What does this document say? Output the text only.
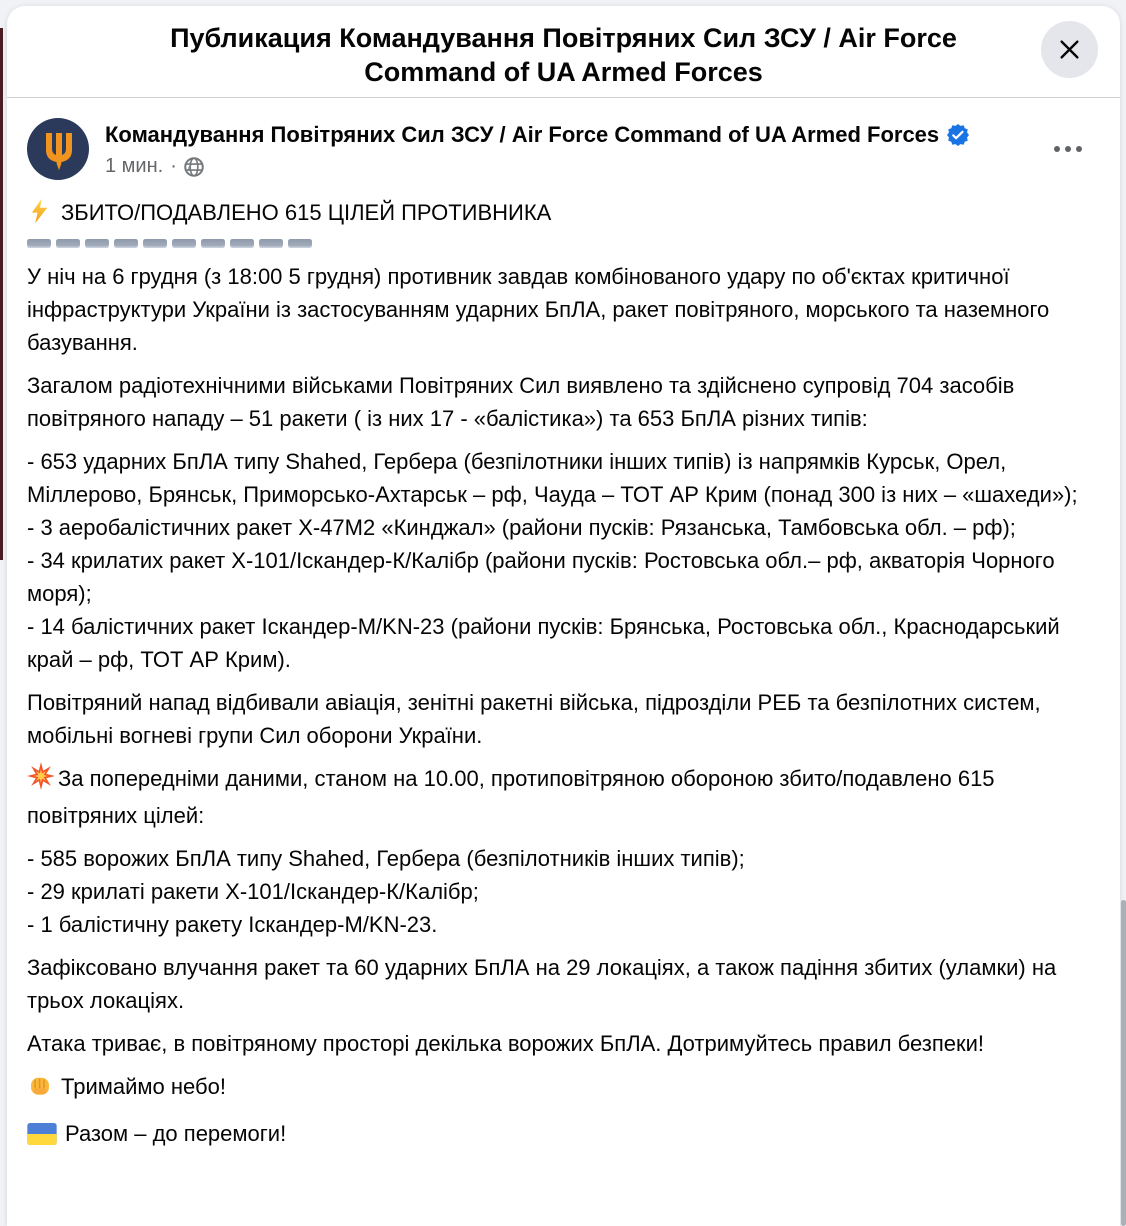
Публикация Командування Повітряних Сил ЗСУ / Air Force Command of UA Armed Forces
Командування Повітряних Сил ЗСУ / Air Force Command of UA Armed Forces
1 мин. ·

ЗБИТО/ПОДАВЛЕНО 615 ЦІЛЕЙ ПРОТИВНИКА

У ніч на 6 грудня (з 18:00 5 грудня) противник завдав комбінованого удару по об'єктах критичної інфраструктури України із застосуванням ударних БпЛА, ракет повітряного, морського та наземного базування.

Загалом радіотехнічними військами Повітряних Сил виявлено та здійснено супровід 704 засобів повітряного нападу – 51 ракети ( із них 17 - «балістика») та 653 БпЛА різних типів:

- 653 ударних БпЛА типу Shahed, Гербера (безпілотники інших типів) із напрямків Курськ, Орел, Міллерово, Брянськ, Приморсько-Ахтарськ – рф, Чауда – ТОТ АР Крим (понад 300 із них – «шахеди»);
- 3 аеробалістичних ракет Х-47М2 «Кинджал» (райони пусків: Рязанська, Тамбовська обл. – рф);
- 34 крилатих ракет Х-101/Іскандер-К/Калібр (райони пусків: Ростовська обл.– рф, акваторія Чорного моря);
- 14 балістичних ракет Іскандер-M/KN-23 (райони пусків: Брянська, Ростовська обл., Краснодарський край – рф, ТОТ АР Крим).

Повітряний напад відбивали авіація, зенітні ракетні війська, підрозділи РЕБ та безпілотних систем, мобільні вогневі групи Сил оборони України.

За попередніми даними, станом на 10.00, протиповітряною обороною збито/подавлено 615 повітряних цілей:

- 585 ворожих БпЛА типу Shahed, Гербера (безпілотників інших типів);
- 29 крилаті ракети Х-101/Іскандер-К/Калібр;
- 1 балістичну ракету Іскандер-M/KN-23.

Зафіксовано влучання ракет та 60 ударних БпЛА на 29 локаціях, а також падіння збитих (уламки) на трьох локаціях.

Атака триває, в повітряному просторі декілька ворожих БпЛА. Дотримуйтесь правил безпеки!

Тримаймо небо!

Разом – до перемоги!
